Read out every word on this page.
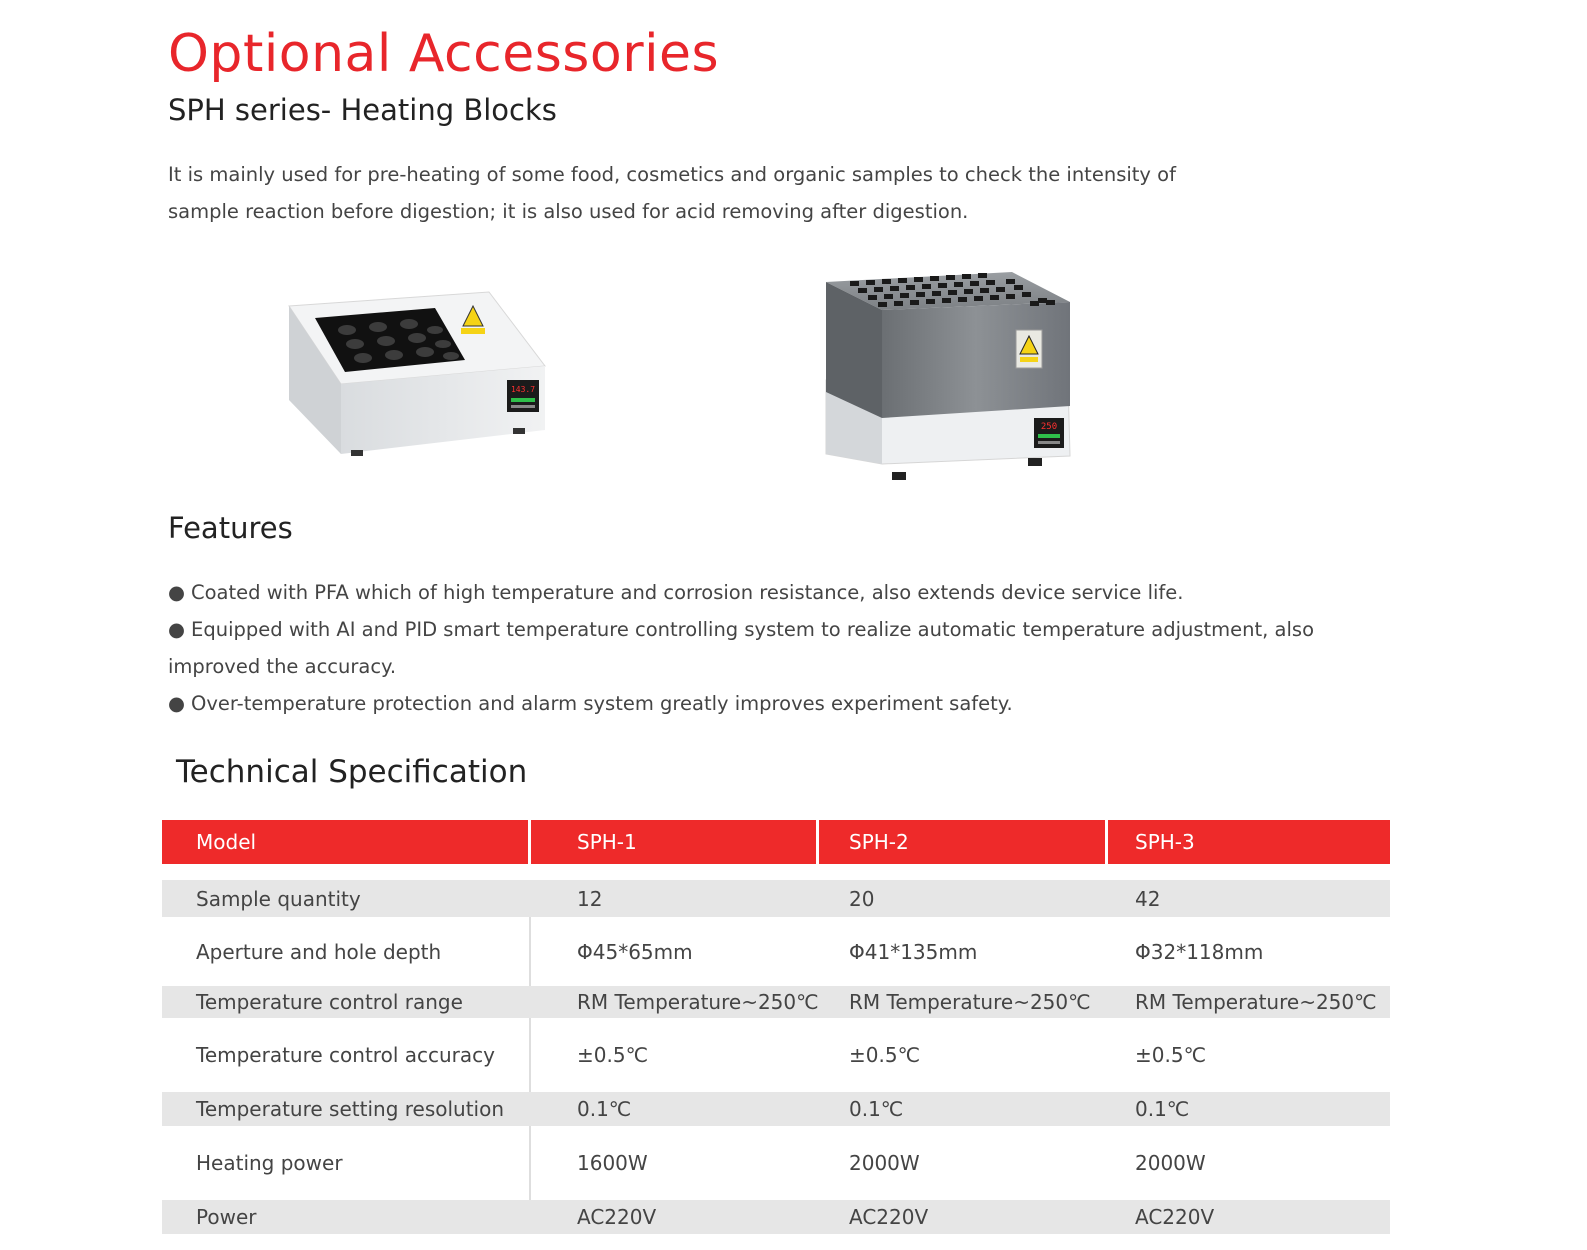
Optional Accessories
SPH series- Heating Blocks

It is mainly used for pre-heating of some food, cosmetics and organic samples to check the intensity of sample reaction before digestion; it is also used for acid removing after digestion.

143.7
250
Features
● Coated with PFA which of high temperature and corrosion resistance, also extends device service life.
● Equipped with AI and PID smart temperature controlling system to realize automatic temperature adjustment, also improved the accuracy.
● Over-temperature protection and alarm system greatly improves experiment safety.
Technical Specification
Model	SPH-1	SPH-2	SPH-3
Sample quantity	12	20	42
Aperture and hole depth	Φ45*65mm	Φ41*135mm	Φ32*118mm
Temperature control range	RM Temperature~250℃	RM Temperature~250℃	RM Temperature~250℃
Temperature control accuracy	±0.5℃	±0.5℃	±0.5℃
Temperature setting resolution	0.1℃	0.1℃	0.1℃
Heating power	1600W	2000W	2000W
Power	AC220V	AC220V	AC220V
